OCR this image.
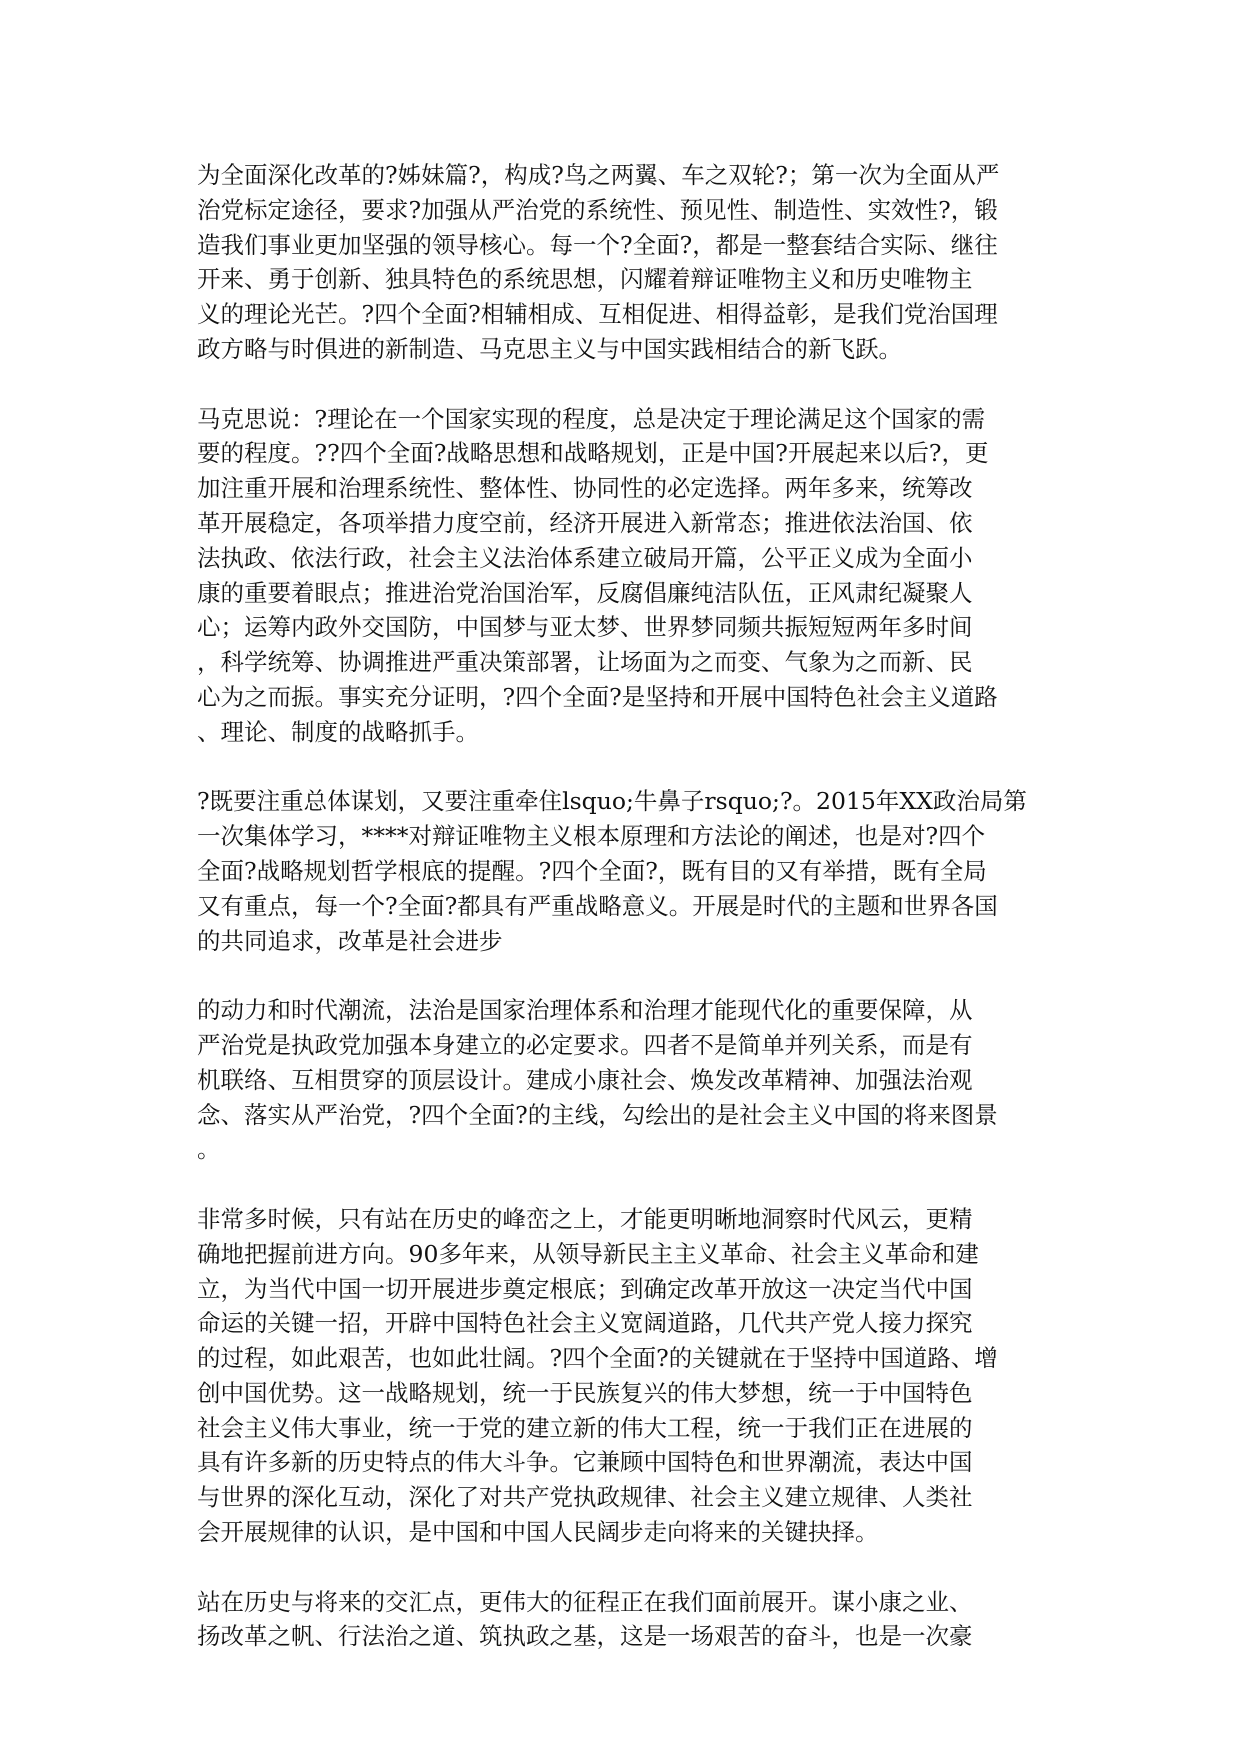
为全面深化改革的?姊妹篇?，构成?鸟之两翼、车之双轮?；第一次为全面从严
治党标定途径，要求?加强从严治党的系统性、预见性、制造性、实效性?，锻
造我们事业更加坚强的领导核心。每一个?全面?，都是一整套结合实际、继往
开来、勇于创新、独具特色的系统思想，闪耀着辩证唯物主义和历史唯物主
义的理论光芒。?四个全面?相辅相成、互相促进、相得益彰，是我们党治国理
政方略与时俱进的新制造、马克思主义与中国实践相结合的新飞跃。
马克思说：?理论在一个国家实现的程度，总是决定于理论满足这个国家的需
要的程度。??四个全面?战略思想和战略规划，正是中国?开展起来以后?，更
加注重开展和治理系统性、整体性、协同性的必定选择。两年多来，统筹改
革开展稳定，各项举措力度空前，经济开展进入新常态；推进依法治国、依
法执政、依法行政，社会主义法治体系建立破局开篇，公平正义成为全面小
康的重要着眼点；推进治党治国治军，反腐倡廉纯洁队伍，正风肃纪凝聚人
心；运筹内政外交国防，中国梦与亚太梦、世界梦同频共振短短两年多时间
，科学统筹、协调推进严重决策部署，让场面为之而变、气象为之而新、民
心为之而振。事实充分证明，?四个全面?是坚持和开展中国特色社会主义道路
、理论、制度的战略抓手。
?既要注重总体谋划，又要注重牵住lsquo;牛鼻子rsquo;?。2015年XX政治局第
一次集体学习，****对辩证唯物主义根本原理和方法论的阐述，也是对?四个
全面?战略规划哲学根底的提醒。?四个全面?，既有目的又有举措，既有全局
又有重点，每一个?全面?都具有严重战略意义。开展是时代的主题和世界各国
的共同追求，改革是社会进步
的动力和时代潮流，法治是国家治理体系和治理才能现代化的重要保障，从
严治党是执政党加强本身建立的必定要求。四者不是简单并列关系，而是有
机联络、互相贯穿的顶层设计。建成小康社会、焕发改革精神、加强法治观
念、落实从严治党，?四个全面?的主线，勾绘出的是社会主义中国的将来图景
。
非常多时候，只有站在历史的峰峦之上，才能更明晰地洞察时代风云，更精
确地把握前进方向。90多年来，从领导新民主主义革命、社会主义革命和建
立，为当代中国一切开展进步奠定根底；到确定改革开放这一决定当代中国
命运的关键一招，开辟中国特色社会主义宽阔道路，几代共产党人接力探究
的过程，如此艰苦，也如此壮阔。?四个全面?的关键就在于坚持中国道路、增
创中国优势。这一战略规划，统一于民族复兴的伟大梦想，统一于中国特色
社会主义伟大事业，统一于党的建立新的伟大工程，统一于我们正在进展的
具有许多新的历史特点的伟大斗争。它兼顾中国特色和世界潮流，表达中国
与世界的深化互动，深化了对共产党执政规律、社会主义建立规律、人类社
会开展规律的认识，是中国和中国人民阔步走向将来的关键抉择。
站在历史与将来的交汇点，更伟大的征程正在我们面前展开。谋小康之业、
扬改革之帆、行法治之道、筑执政之基，这是一场艰苦的奋斗，也是一次豪
